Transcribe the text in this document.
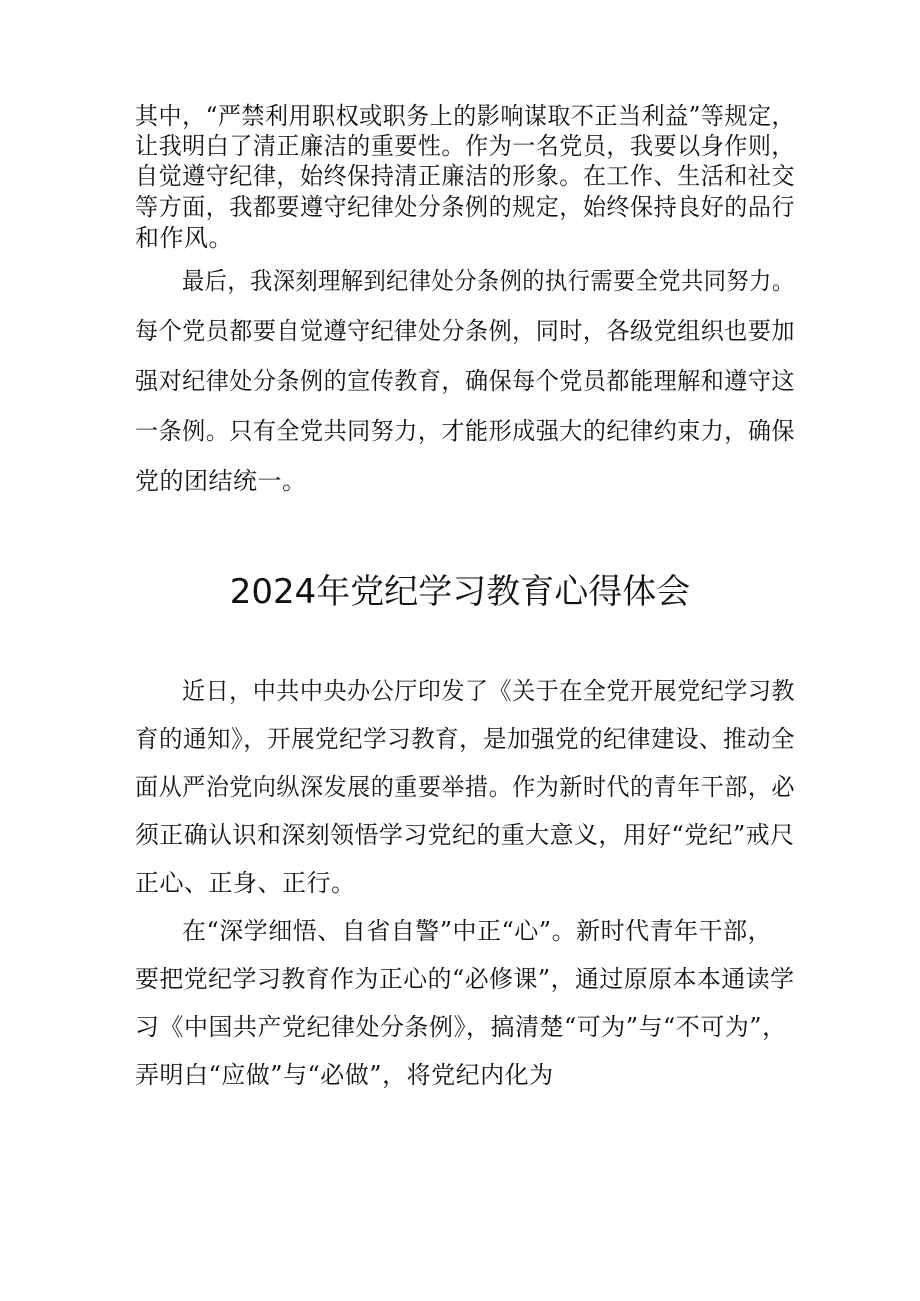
其中，“严禁利用职权或职务上的影响谋取不正当利益”等规定，
让我明白了清正廉洁的重要性。作为一名党员，我要以身作则，
自觉遵守纪律，始终保持清正廉洁的形象。在工作、生活和社交
等方面，我都要遵守纪律处分条例的规定，始终保持良好的品行
和作风。
最后，我深刻理解到纪律处分条例的执行需要全党共同努力。
每个党员都要自觉遵守纪律处分条例，同时，各级党组织也要加
强对纪律处分条例的宣传教育，确保每个党员都能理解和遵守这
一条例。只有全党共同努力，才能形成强大的纪律约束力，确保
党的团结统一。
2024年党纪学习教育心得体会
近日，中共中央办公厅印发了《关于在全党开展党纪学习教
育的通知》，开展党纪学习教育，是加强党的纪律建设、推动全
面从严治党向纵深发展的重要举措。作为新时代的青年干部，必
须正确认识和深刻领悟学习党纪的重大意义，用好“党纪”戒尺
正心、正身、正行。
在“深学细悟、自省自警”中正“心”。新时代青年干部，
要把党纪学习教育作为正心的“必修课”，通过原原本本通读学
习《中国共产党纪律处分条例》，搞清楚“可为”与“不可为”，
弄明白“应做”与“必做”，将党纪内化为
